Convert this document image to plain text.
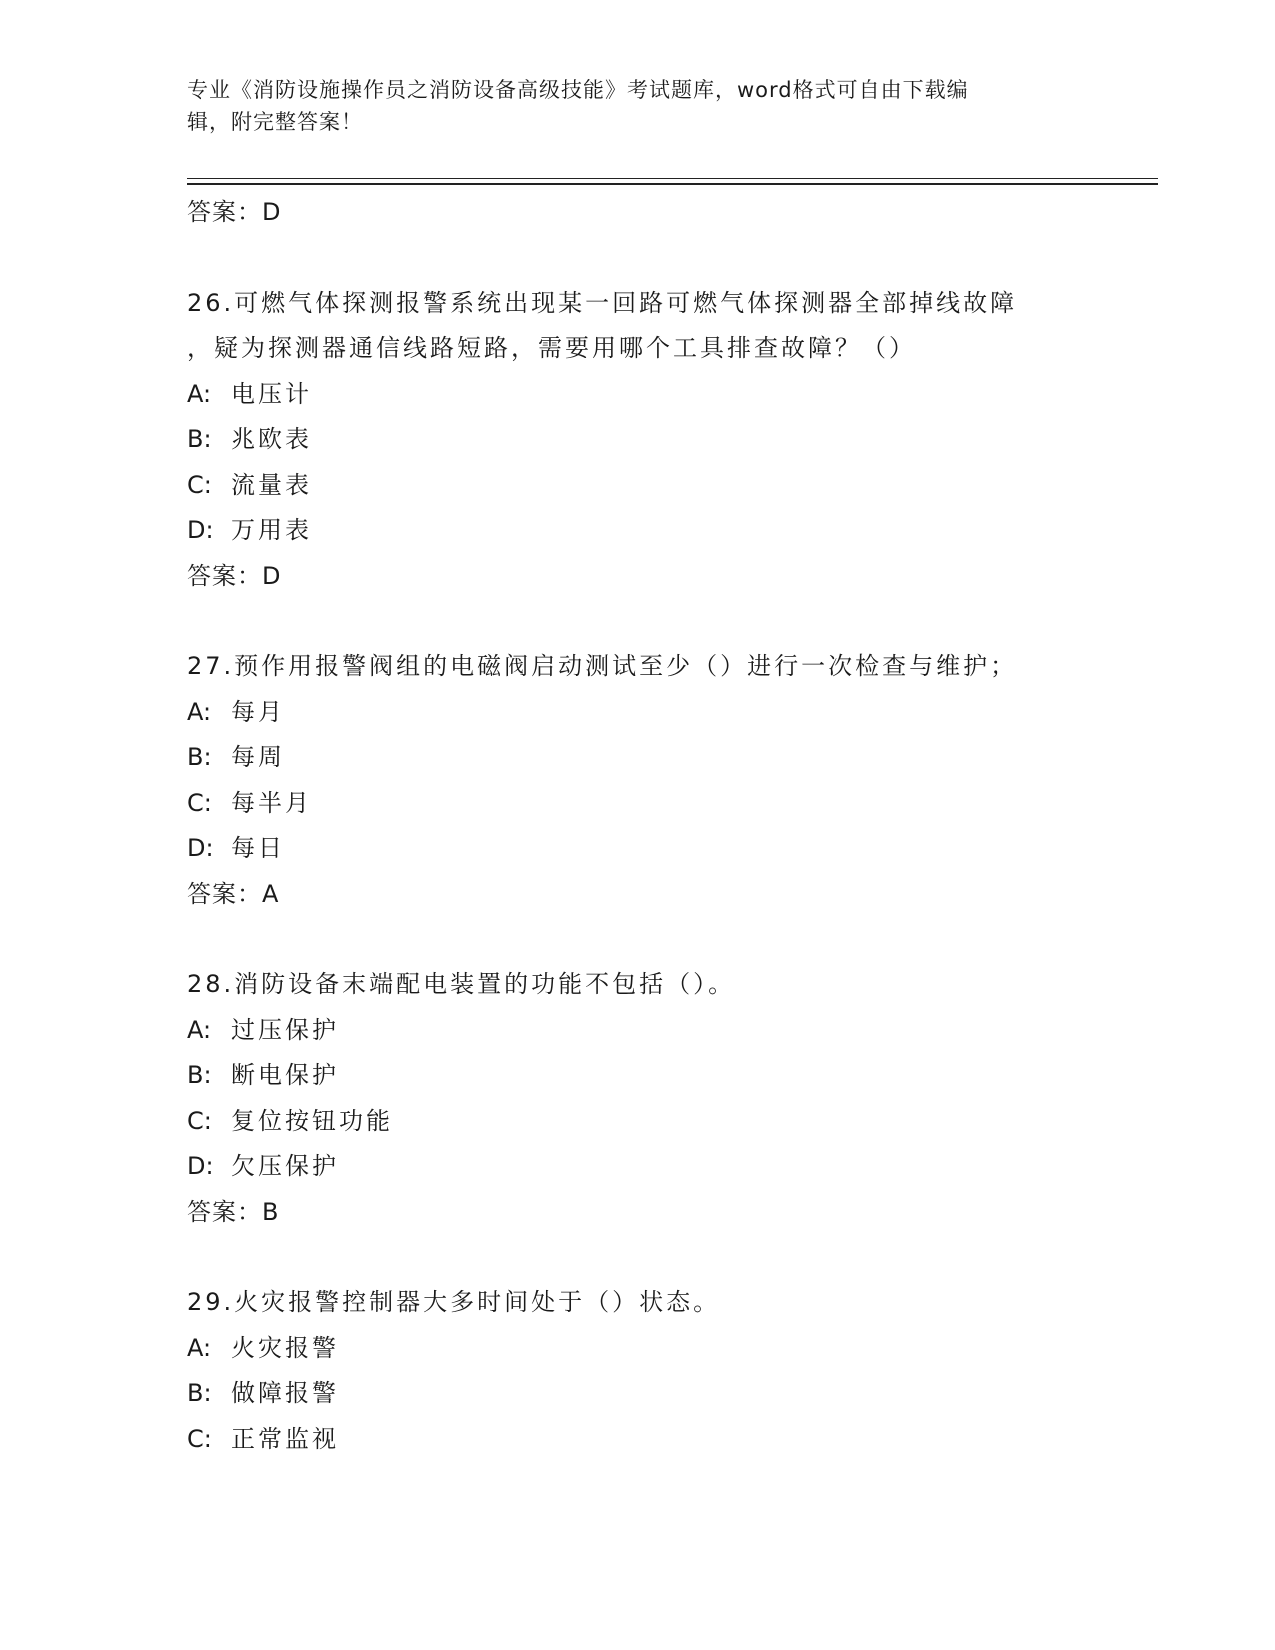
专业《消防设施操作员之消防设备高级技能》考试题库，word格式可自由下载编
辑，附完整答案！
答案：D
26.可燃气体探测报警系统出现某一回路可燃气体探测器全部掉线故障
，疑为探测器通信线路短路，需要用哪个工具排查故障？（）
A: 电压计
B: 兆欧表
C: 流量表
D: 万用表
答案：D
27.预作用报警阀组的电磁阀启动测试至少（）进行一次检查与维护；
A: 每月
B: 每周
C: 每半月
D: 每日
答案：A
28.消防设备末端配电装置的功能不包括（）。
A: 过压保护
B: 断电保护
C: 复位按钮功能
D: 欠压保护
答案：B
29.火灾报警控制器大多时间处于（）状态。
A: 火灾报警
B: 做障报警
C: 正常监视
